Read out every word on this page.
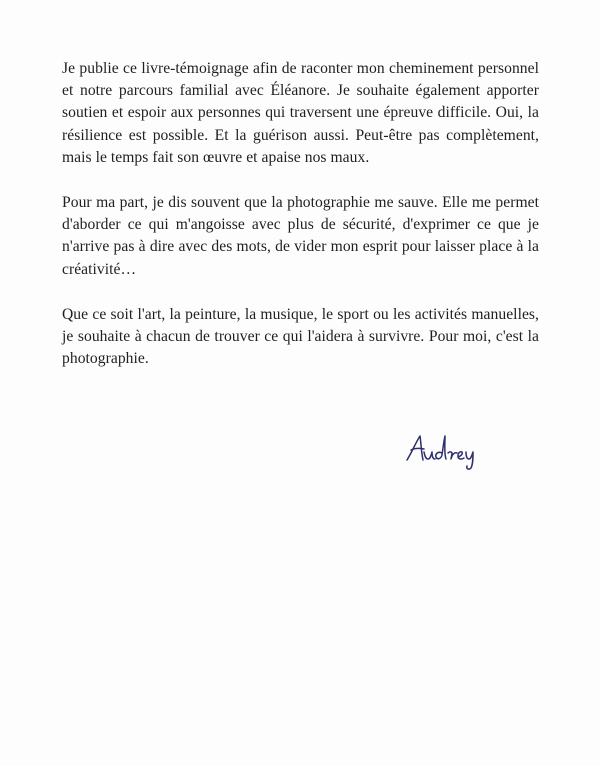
Je publie ce livre-témoignage afin de raconter mon cheminement personnel et notre parcours familial avec Éléanore. Je souhaite également apporter soutien et espoir aux personnes qui traversent une épreuve difficile. Oui, la résilience est possible. Et la guérison aussi. Peut-être pas complètement, mais le temps fait son œuvre et apaise nos maux.

Pour ma part, je dis souvent que la photographie me sauve. Elle me permet d'aborder ce qui m'angoisse avec plus de sécurité, d'exprimer ce que je n'arrive pas à dire avec des mots, de vider mon esprit pour laisser place à la créativité…

Que ce soit l'art, la peinture, la musique, le sport ou les activités manuelles, je souhaite à chacun de trouver ce qui l'aidera à survivre. Pour moi, c'est la photographie.
